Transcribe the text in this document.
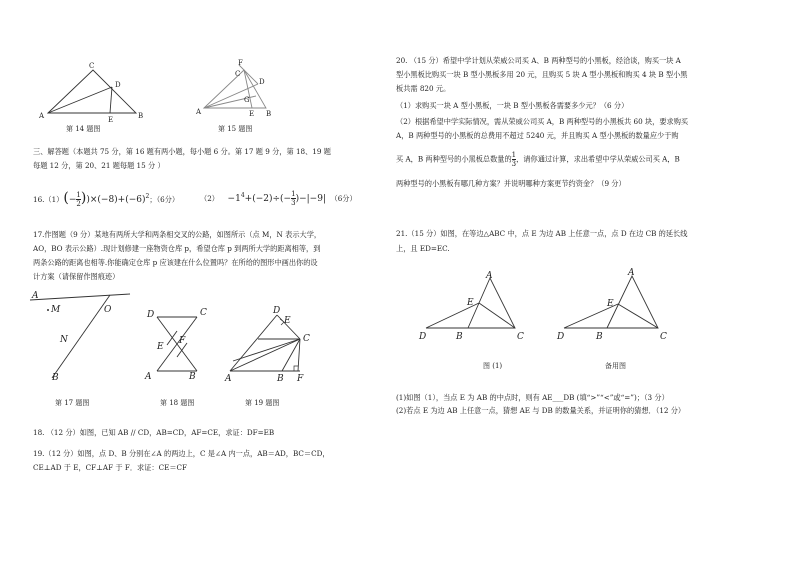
C
D
A	B
E
第 14 题图
F
C
D
G
A	E B
第 15 题图
三、解答题（本题共 75 分，第 16 题有两小题，每小题 6 分。第 17 题 9 分，第 18、19 题
每题 12 分，第 20、21 题每题 15 分 ）
$16.(1)(- \frac{1}{2} ))\times(-8)+(-6)^2$；（6分）	$(2) -1^4+(-2)\div(- \frac{1}{3} )-|-9|$ （6分）
17.作图题（9 分）某地有两所大学和两条相交叉的公路，如图所示（点 M，N 表示大学，
AO，BO 表示公路）.现计划修建一座物资仓库 p，希望仓库 p 到两所大学的距离相等，到
两条公路的距离也相等.你能确定仓库 p 应该建在什么位置吗？在所给的图形中画出你的设
计方案（请保留作图痕迹）
A
M	O
N
B
第 17 题图
D	C
E
F
A	B
第 18 题图
D
E
C
A	B F
第 19 题图
18. （12 分）如图，已知 AB // CD，AB=CD，AF=CE，求证：DF=EB
19.（12 分）如图，点 D、B 分别在∠A 的两边上，C 是∠A 内一点，AB＝AD，BC＝CD，
CE⊥AD 于 E，CF⊥AF 于 F．求证：CE＝CF
20. （15 分）希望中学计划从荣威公司买 A、B 两种型号的小黑板，经洽谈，购买一块 A
型小黑板比购买一块 B 型小黑板多用 20 元，且购买 5 块 A 型小黑板和购买 4 块 B 型小黑
板共需 820 元。
（1）求购买一块 A 型小黑板，一块 B 型小黑板各需要多少元？（6 分）
（2）根据希望中学实际情况，需从荣威公司买 A，B 两种型号的小黑板共 60 块，要求购买
A，B 两种型号的小黑板的总费用不超过 5240 元，并且购买 A 型小黑板的数量应少于购
买 A，B 两种型号的小黑板总数量的 $\frac{1}{3}$ ，请你通过计算，求出希望中学从荣威公司买 A，B
两种型号的小黑板有哪几种方案？并说明哪种方案更节约资金？（9 分）
21.（15 分）如图，在等边△ABC 中，点 E 为边 AB 上任意一点，点 D 在边 CB 的延长线
上，且 ED=EC.
A
E
D	B	C
图 (1)
A
E
D	B	C
备用图
(1)如图（1），当点 E 为 AB 的中点时，则有 AE___DB (填“>”“<”或“=”)；（3 分）
(2)若点 E 为边 AB 上任意一点，猜想 AE 与 DB 的数量关系，并证明你的猜想．（12 分）
